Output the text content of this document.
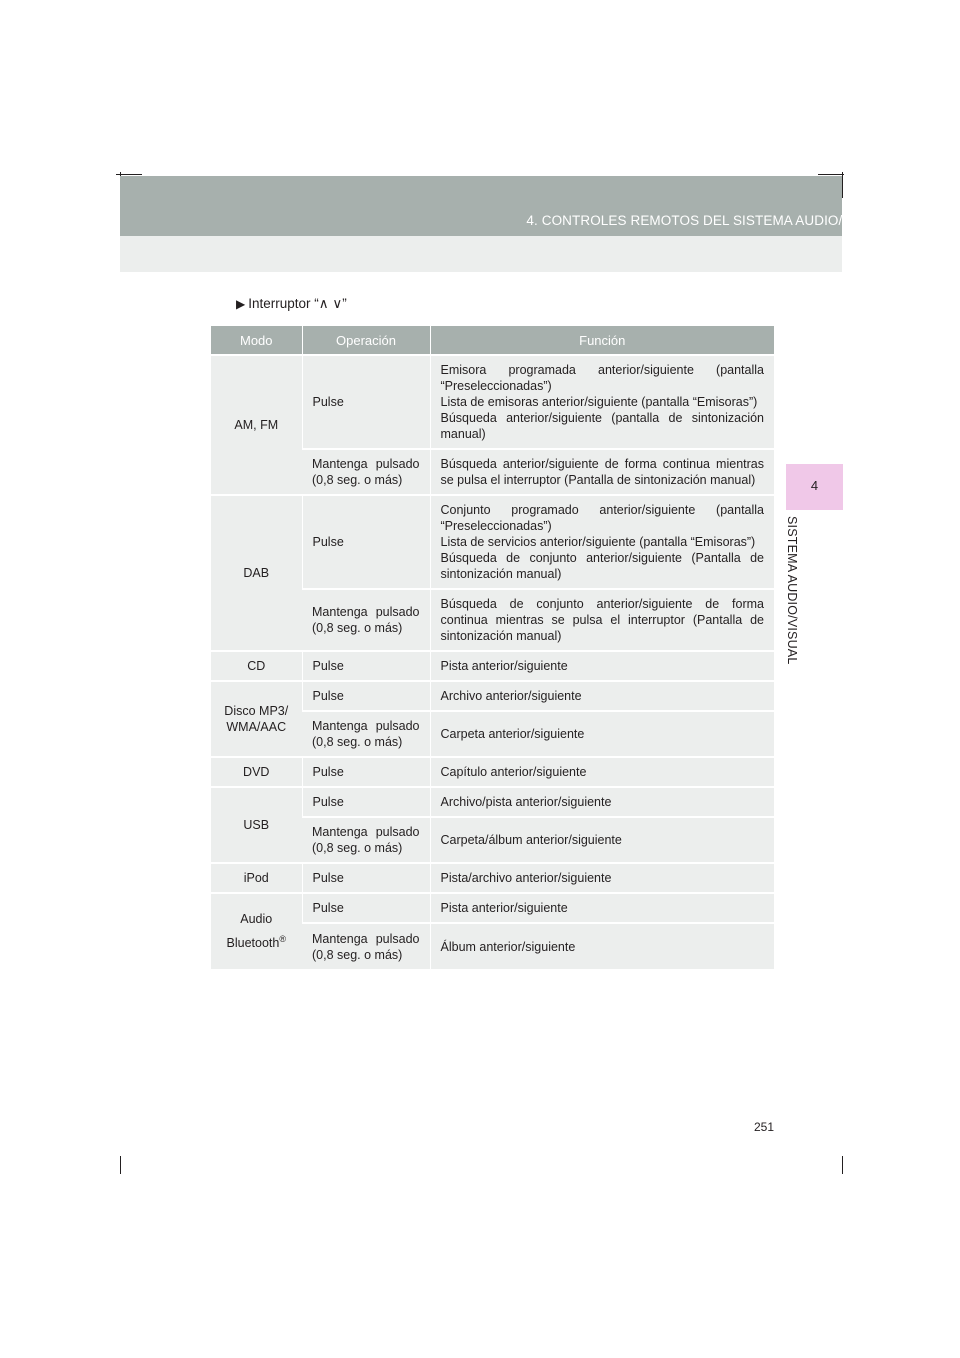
4. CONTROLES REMOTOS DEL SISTEMA AUDIO/VISUAL
4
SISTEMA AUDIO/VISUAL
▶ Interruptor “∧ ∨”
Modo	Operación	Función
AM, FM	Pulse	Emisora programada anterior/siguiente (pantalla “Preseleccionadas”)
Lista de emisoras anterior/siguiente (pantalla “Emisoras”)
Búsqueda anterior/siguiente (pantalla de sintonización manual)

	Mantenga pulsado (0,8 seg. o más)	Búsqueda anterior/siguiente de forma continua mientras se pulsa el interruptor (Pantalla de sintonización manual)
DAB	Pulse	Conjunto programado anterior/siguiente (pantalla “Preseleccionadas”)
Lista de servicios anterior/siguiente (pantalla “Emisoras”)
Búsqueda de conjunto anterior/siguiente (Pantalla de sintonización manual)

	Mantenga pulsado (0,8 seg. o más)	Búsqueda de conjunto anterior/siguiente de forma continua mientras se pulsa el interruptor (Pantalla de sintonización manual)
CD	Pulse	Pista anterior/siguiente
Disco MP3/ WMA/AAC	Pulse	Archivo anterior/siguiente
	Mantenga pulsado (0,8 seg. o más)	Carpeta anterior/siguiente
DVD	Pulse	Capítulo anterior/siguiente
USB	Pulse	Archivo/pista anterior/siguiente
	Mantenga pulsado (0,8 seg. o más)	Carpeta/álbum anterior/siguiente
iPod	Pulse	Pista/archivo anterior/siguiente

Audio
Bluetooth®	Pulse	Pista anterior/siguiente
	Mantenga pulsado (0,8 seg. o más)	Álbum anterior/siguiente
251
